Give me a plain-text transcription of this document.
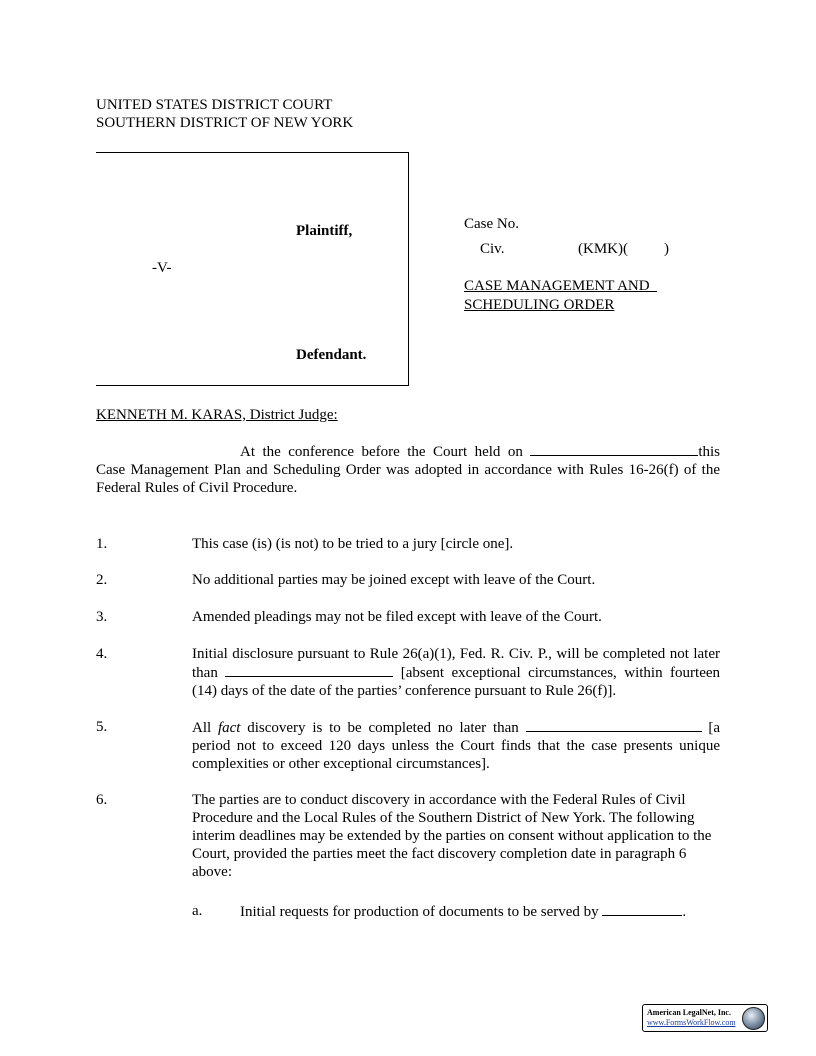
UNITED STATES DISTRICT COURT
SOUTHERN DISTRICT OF NEW YORK
Plaintiff,
-V-
Defendant.
Case No.
Civ.	(KMK)( )
CASE MANAGEMENT AND
SCHEDULING ORDER
KENNETH M. KARAS, District Judge:
At the conference before the Court held on	this Case Management Plan and Scheduling Order was adopted in accordance with Rules 16-26(f) of the Federal Rules of Civil Procedure.
1.	This case (is) (is not) to be tried to a jury [circle one].
2.	No additional parties may be joined except with leave of the Court.
3.	Amended pleadings may not be filed except with leave of the Court.
4.	Initial disclosure pursuant to Rule 26(a)(1), Fed. R. Civ. P., will be completed not later than	[absent exceptional circumstances, within fourteen (14) days of the date of the parties’ conference pursuant to Rule 26(f)].
5.	All fact discovery is to be completed no later than	[a period not to exceed 120 days unless the Court finds that the case presents unique complexities or other exceptional circumstances].
6.	The parties are to conduct discovery in accordance with the Federal Rules of Civil Procedure and the Local Rules of the Southern District of New York. The following interim deadlines may be extended by the parties on consent without application to the Court, provided the parties meet the fact discovery completion date in paragraph 6 above:
a.	Initial requests for production of documents to be served by	.
American LegalNet, Inc.
www.FormsWorkFlow.com
